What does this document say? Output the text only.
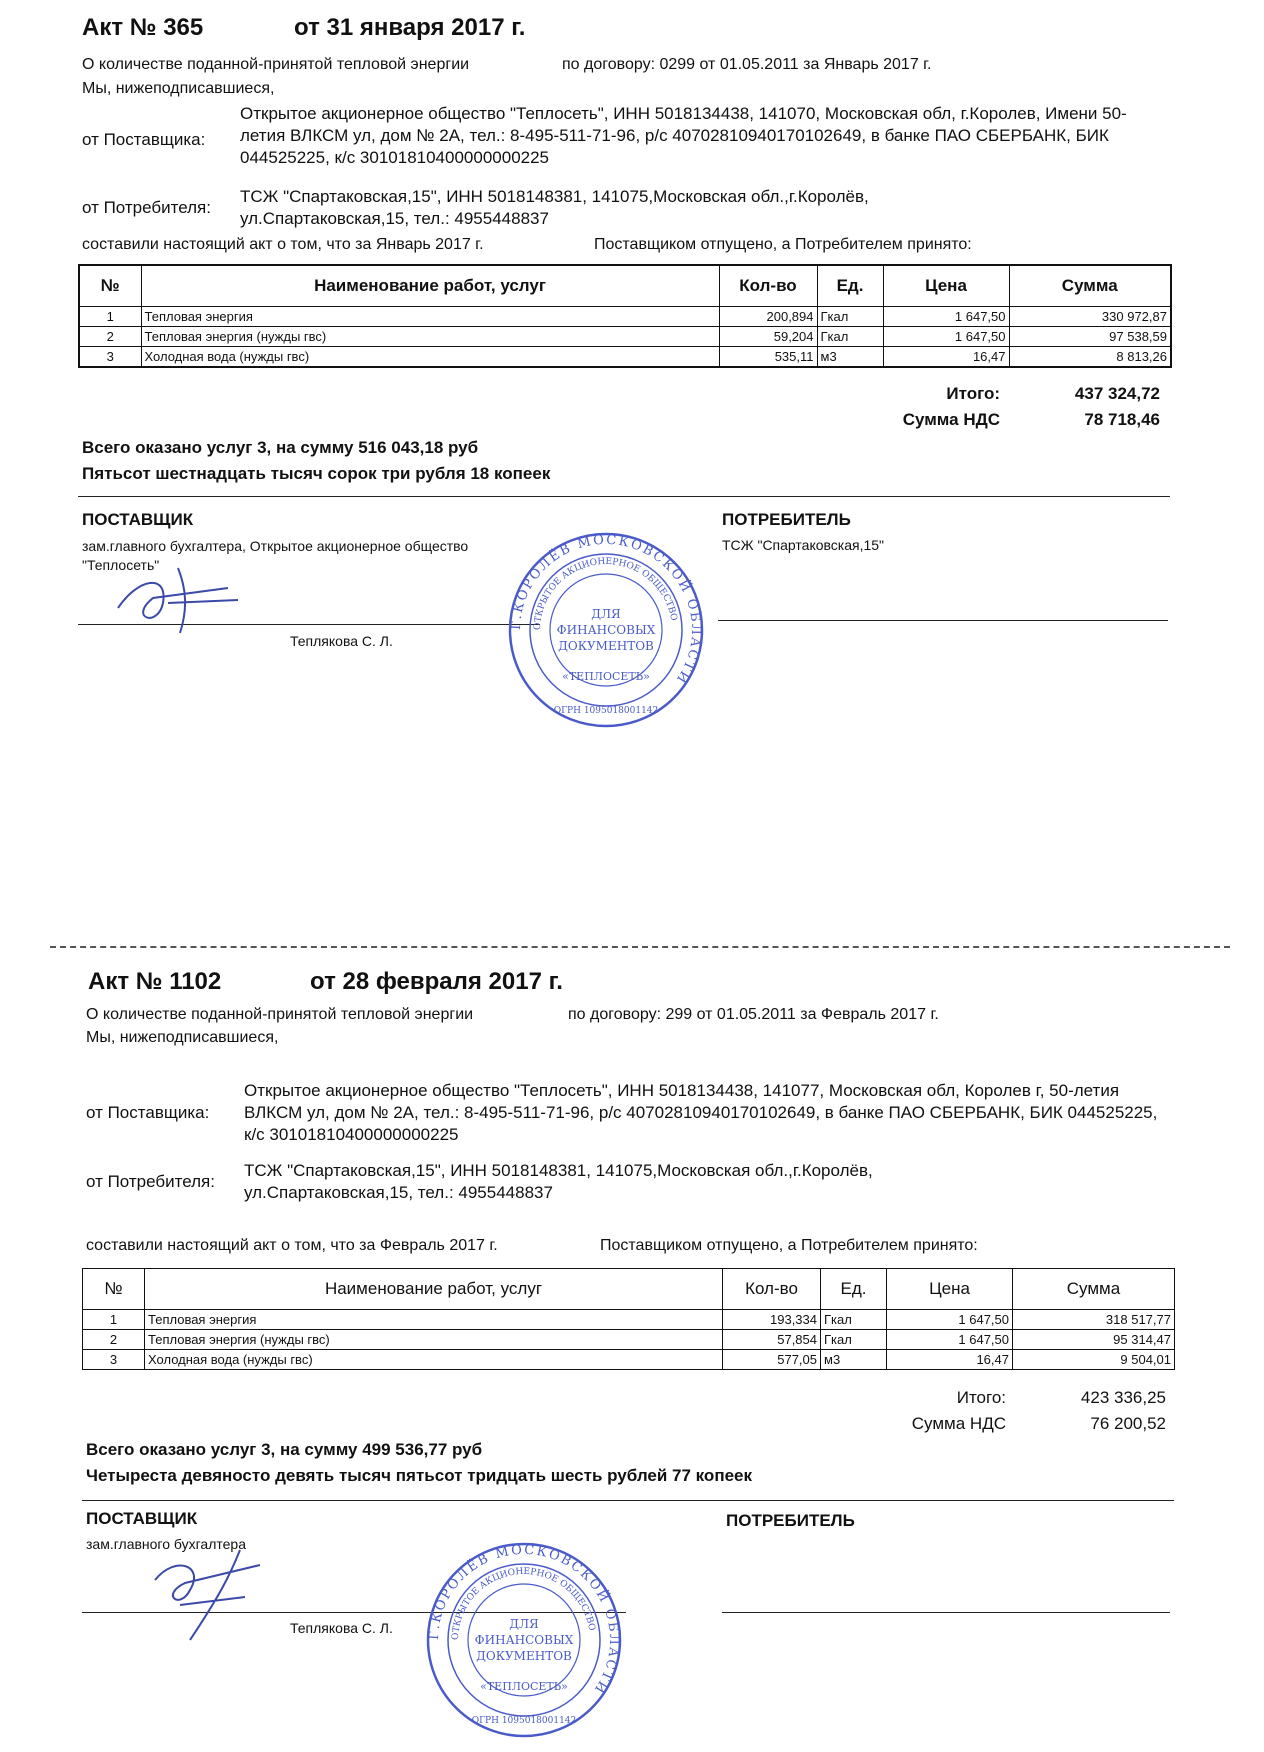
Акт № 365	от 31 января 2017 г.
О количестве поданной-принятой тепловой энергии	по договору: 0299 от 01.05.2011 за Январь 2017 г.
Мы, нижеподписавшиеся,
от Поставщика:
Открытое акционерное общество "Теплосеть", ИНН 5018134438, 141070, Московская обл, г.Королев, Имени 50-летия ВЛКСМ ул, дом № 2А, тел.: 8-495-511-71-96, р/с 40702810940170102649, в банке ПАО СБЕРБАНК, БИК 044525225, к/с 30101810400000000225
от Потребителя:
ТСЖ "Спартаковская,15", ИНН 5018148381, 141075,Московская обл.,г.Королёв, ул.Спартаковская,15, тел.: 4955448837
составили настоящий акт о том, что за Январь 2017 г.	Поставщиком отпущено, а Потребителем принято:
№	Наименование работ, услуг	Кол-во	Ед.	Цена	Сумма
1	Тепловая энергия	200,894	Гкал	1 647,50	330 972,87
2	Тепловая энергия (нужды гвс)	59,204	Гкал	1 647,50	97 538,59
3	Холодная вода (нужды гвс)	535,11	м3	16,47	8 813,26
Итого:	437 324,72
Сумма НДС	78 718,46
Всего оказано услуг 3, на сумму 516 043,18 руб
Пятьсот шестнадцать тысяч сорок три рубля 18 копеек
ПОСТАВЩИК	ПОТРЕБИТЕЛЬ
зам.главного бухгалтера, Открытое акционерное общество "Теплосеть"
ТСЖ "Спартаковская,15"
Теплякова С. Л.
Г.КОРОЛЁВ МОСКОВСКОЙ ОБЛАСТИ
ОТКРЫТОЕ АКЦИОНЕРНОЕ ОБЩЕСТВО
ДЛЯ
ФИНАНСОВЫХ
ДОКУМЕНТОВ
«ТЕПЛОСЕТЬ»
ОГРН 1095018001142
Акт № 1102	от 28 февраля 2017 г.
О количестве поданной-принятой тепловой энергии	по договору: 299 от 01.05.2011 за Февраль 2017 г.
Мы, нижеподписавшиеся,
от Поставщика:
Открытое акционерное общество "Теплосеть", ИНН 5018134438, 141077, Московская обл, Королев г, 50-летия ВЛКСМ ул, дом № 2А, тел.: 8-495-511-71-96, р/с 40702810940170102649, в банке ПАО СБЕРБАНК, БИК 044525225, к/с 30101810400000000225
от Потребителя:
ТСЖ "Спартаковская,15", ИНН 5018148381, 141075,Московская обл.,г.Королёв, ул.Спартаковская,15, тел.: 4955448837
составили настоящий акт о том, что за Февраль 2017 г.	Поставщиком отпущено, а Потребителем принято:
№	Наименование работ, услуг	Кол-во	Ед.	Цена	Сумма
1	Тепловая энергия	193,334	Гкал	1 647,50	318 517,77
2	Тепловая энергия (нужды гвс)	57,854	Гкал	1 647,50	95 314,47
3	Холодная вода (нужды гвс)	577,05	м3	16,47	9 504,01
Итого:	423 336,25
Сумма НДС	76 200,52
Всего оказано услуг 3, на сумму 499 536,77 руб
Четыреста девяносто девять тысяч пятьсот тридцать шесть рублей 77 копеек
ПОСТАВЩИК	ПОТРЕБИТЕЛЬ
зам.главного бухгалтера
Теплякова С. Л.	Г.КОРОЛЁВ МОСКОВСКОЙ ОБЛАСТИ
ОТКРЫТОЕ АКЦИОНЕРНОЕ ОБЩЕСТВО
ДЛЯ
ФИНАНСОВЫХ
ДОКУМЕНТОВ
«ТЕПЛОСЕТЬ»
ОГРН 1095018001142
